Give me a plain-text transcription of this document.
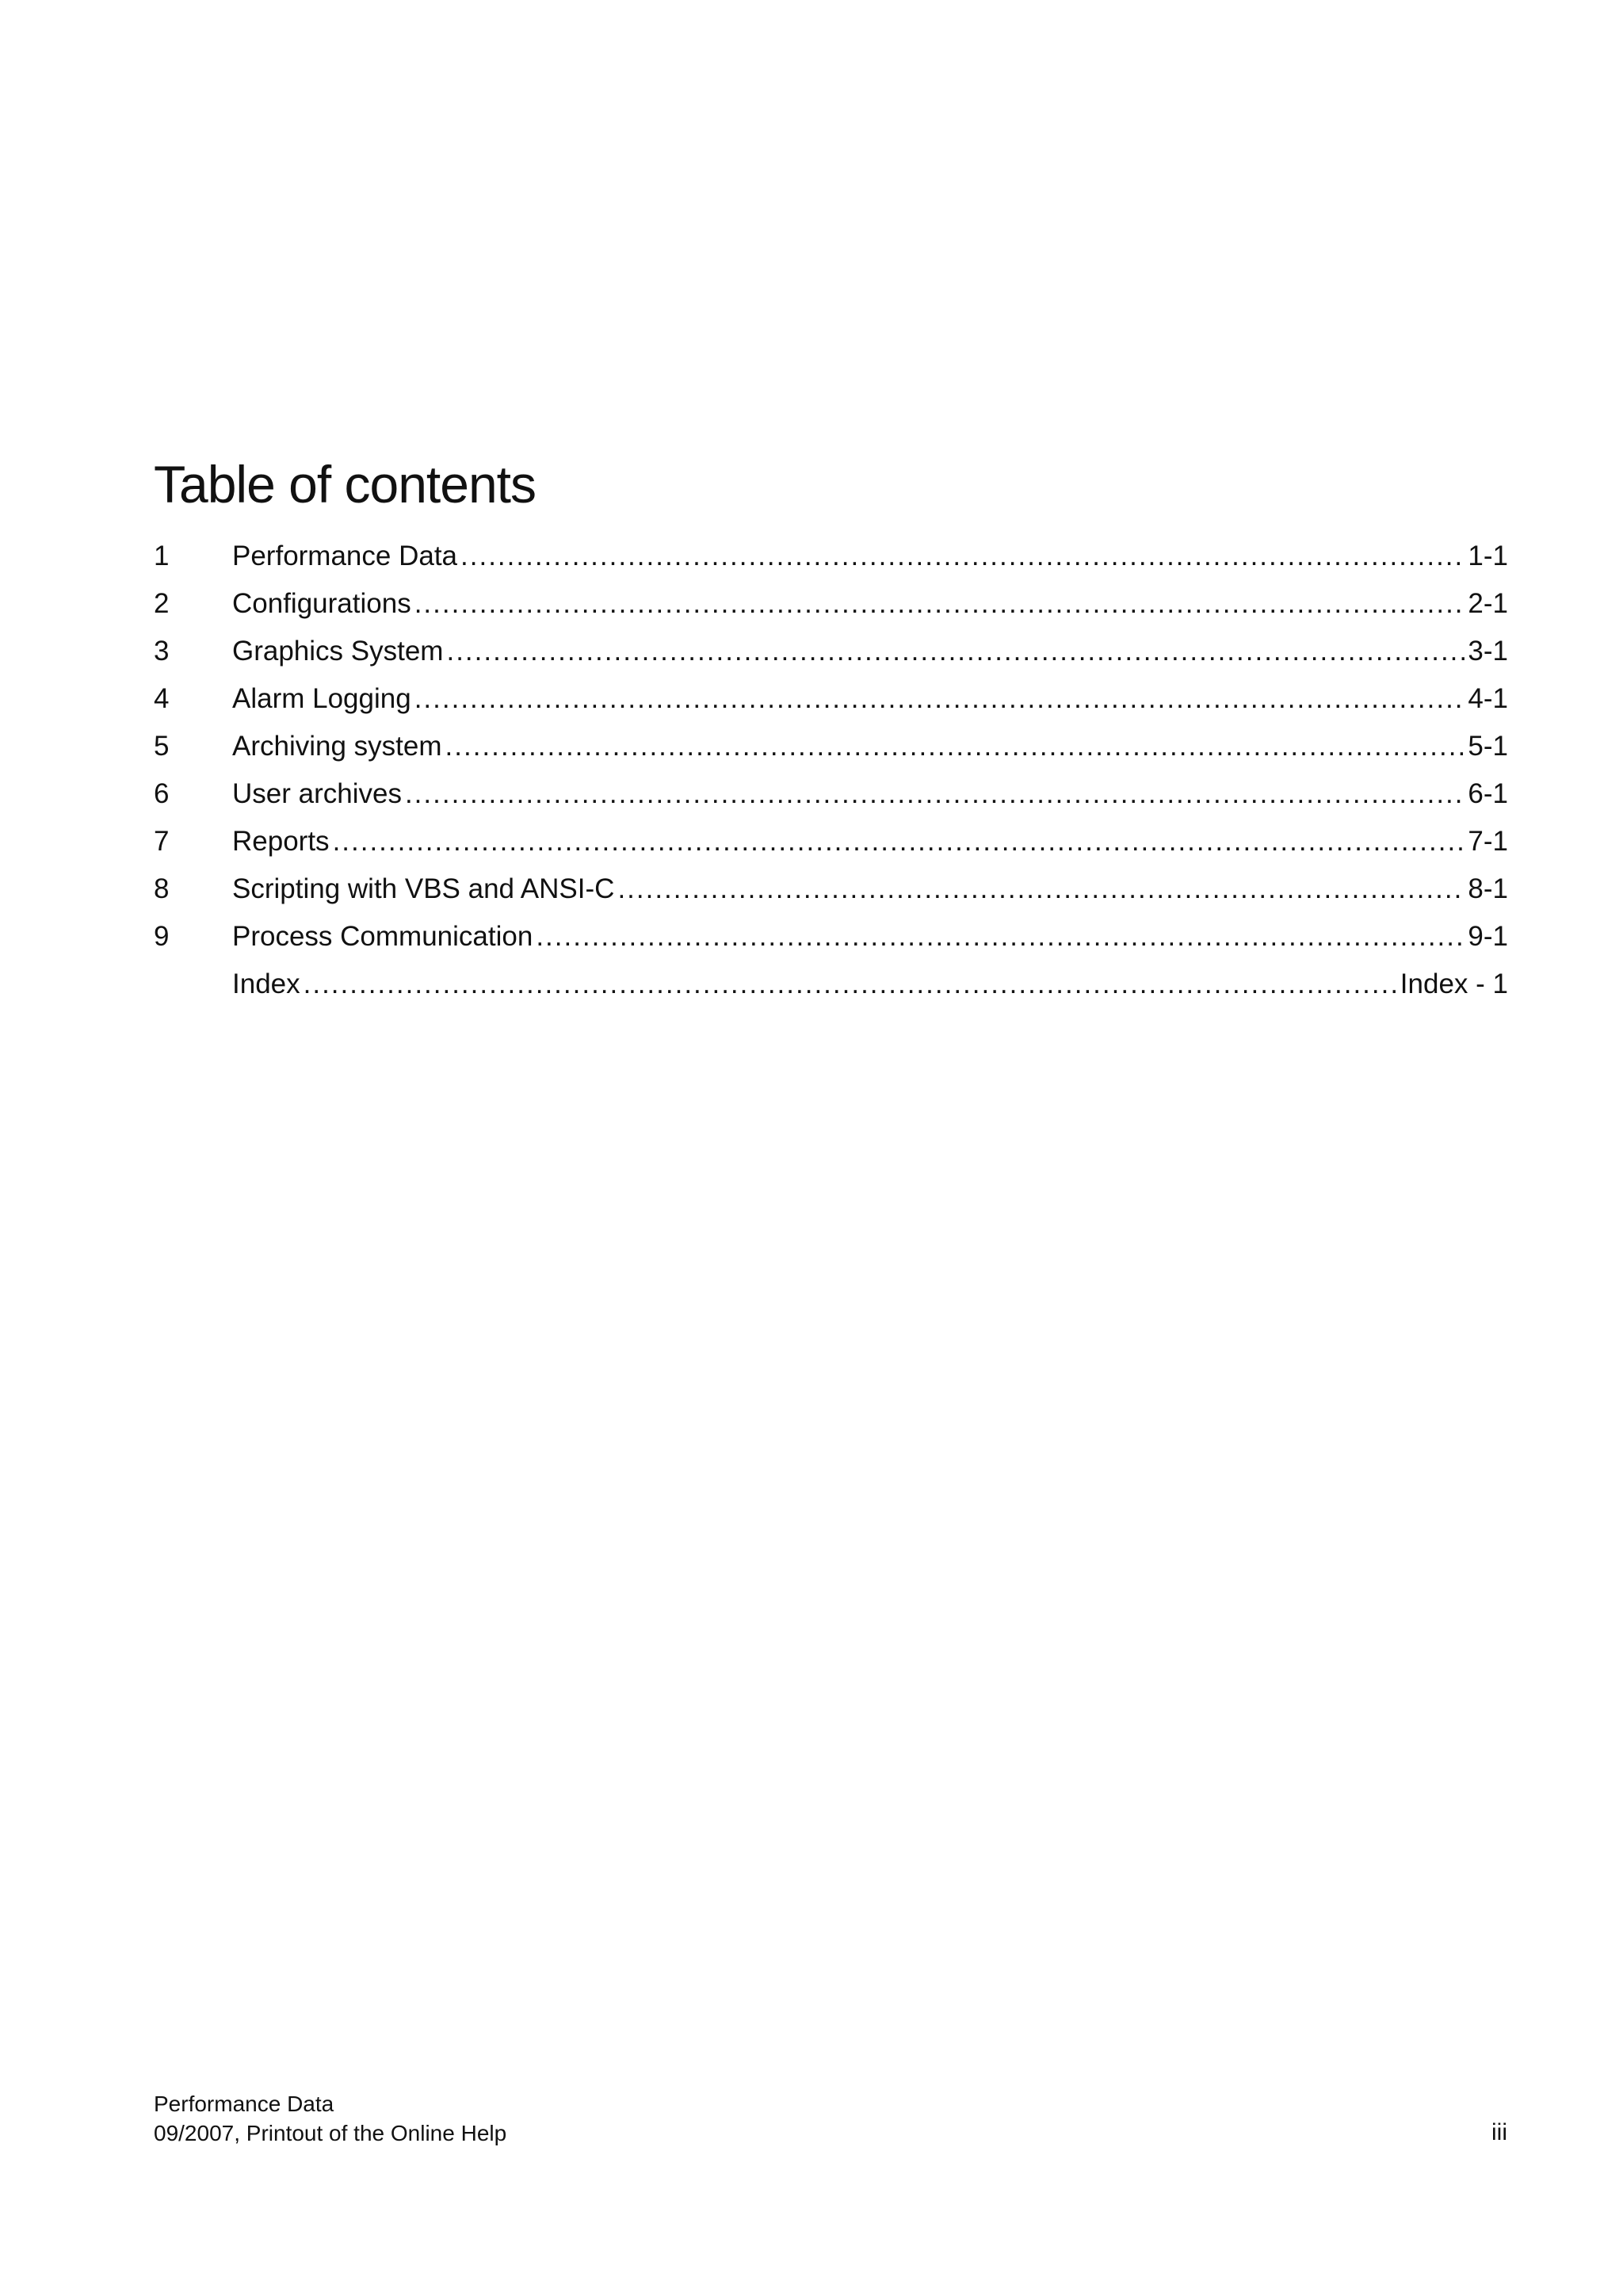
Table of contents
1	Performance Data .....	1-1
2	Configurations .....	2-1
3	Graphics System .....	3-1
4	Alarm Logging .....	4-1
5	Archiving system .....	5-1
6	User archives .....	6-1
7	Reports .....	7-1
8	Scripting with VBS and ANSI-C .....	8-1
9	Process Communication .....	9-1
Index .....	Index - 1
Performance Data
09/2007, Printout of the Online Help	iii
